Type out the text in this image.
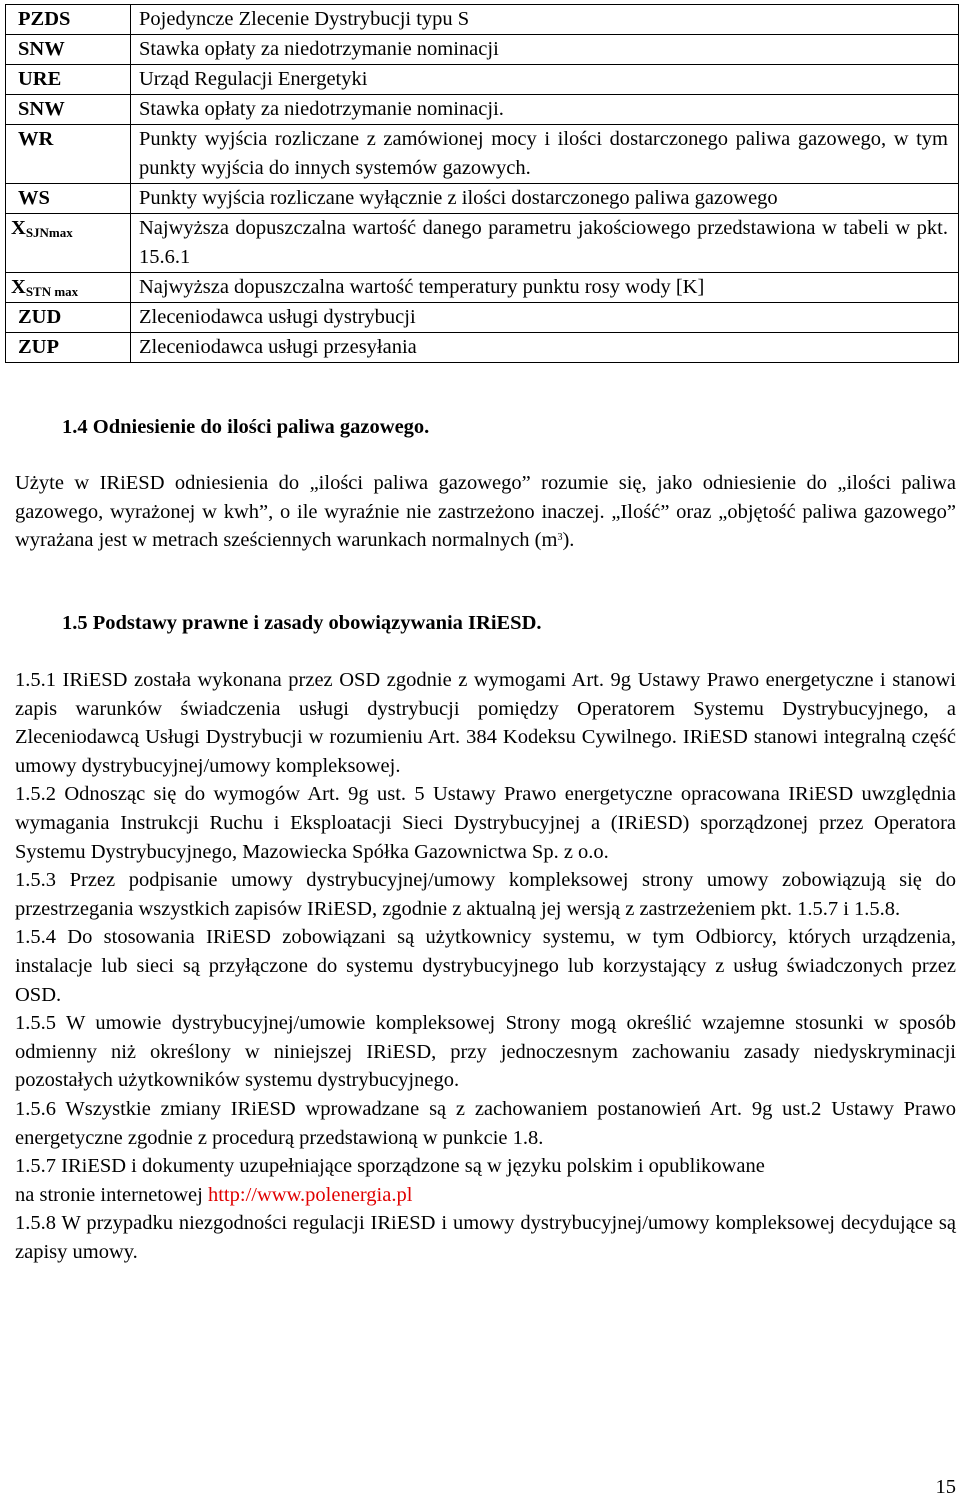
PZDS	Pojedyncze Zlecenie Dystrybucji typu S
SNW	Stawka opłaty za niedotrzymanie nominacji
URE	Urząd Regulacji Energetyki
SNW	Stawka opłaty za niedotrzymanie nominacji.
WR	Punkty wyjścia rozliczane z zamówionej mocy i ilości dostarczonego paliwa gazowego, w tym punkty wyjścia do innych systemów gazowych.
WS	Punkty wyjścia rozliczane wyłącznie z ilości dostarczonego paliwa gazowego
$X_{SJNmax}$	Najwyższa dopuszczalna wartość danego parametru jakościowego przedstawiona w tabeli w pkt. 15.6.1
$X_{STN max}$	Najwyższa dopuszczalna wartość temperatury punktu rosy wody [K]
ZUD	Zleceniodawca usługi dystrybucji
ZUP	Zleceniodawca usługi przesyłania
1.4 Odniesienie do ilości paliwa gazowego.

Użyte w IRiESD odniesienia do „ilości paliwa gazowego” rozumie się, jako odniesienie do „ilości paliwa gazowego, wyrażonej w kwh”, o ile wyraźnie nie zastrzeżono inaczej. „Ilość” oraz „objętość paliwa gazowego” wyrażana jest w metrach sześciennych warunkach normalnych $(m^3)$.

1.5 Podstawy prawne i zasady obowiązywania IRiESD.

1.5.1 IRiESD została wykonana przez OSD zgodnie z wymogami Art. 9g Ustawy Prawo energetyczne i stanowi zapis warunków świadczenia usługi dystrybucji pomiędzy Operatorem Systemu Dystrybucyjnego, a Zleceniodawcą Usługi Dystrybucji w rozumieniu Art. 384 Kodeksu Cywilnego. IRiESD stanowi integralną część umowy dystrybucyjnej/umowy kompleksowej.

1.5.2 Odnosząc się do wymogów Art. 9g ust. 5 Ustawy Prawo energetyczne opracowana IRiESD uwzględnia wymagania Instrukcji Ruchu i Eksploatacji Sieci Dystrybucyjnej a (IRiESD) sporządzonej przez Operatora Systemu Dystrybucyjnego, Mazowiecka Spółka Gazownictwa Sp. z o.o.

1.5.3 Przez podpisanie umowy dystrybucyjnej/umowy kompleksowej strony umowy zobowiązują się do przestrzegania wszystkich zapisów IRiESD, zgodnie z aktualną jej wersją z zastrzeżeniem pkt. 1.5.7 i 1.5.8.

1.5.4 Do stosowania IRiESD zobowiązani są użytkownicy systemu, w tym Odbiorcy, których urządzenia, instalacje lub sieci są przyłączone do systemu dystrybucyjnego lub korzystający z usług świadczonych przez OSD.

1.5.5 W umowie dystrybucyjnej/umowie kompleksowej Strony mogą określić wzajemne stosunki w sposób odmienny niż określony w niniejszej IRiESD, przy jednoczesnym zachowaniu zasady niedyskryminacji pozostałych użytkowników systemu dystrybucyjnego.

1.5.6 Wszystkie zmiany IRiESD wprowadzane są z zachowaniem postanowień Art. 9g ust.2 Ustawy Prawo energetyczne zgodnie z procedurą przedstawioną w punkcie 1.8.

1.5.7 IRiESD i dokumenty uzupełniające sporządzone są w języku polskim i opublikowane
na stronie internetowej http://www.polenergia.pl

1.5.8 W przypadku niezgodności regulacji IRiESD i umowy dystrybucyjnej/umowy kompleksowej decydujące są zapisy umowy.

15
